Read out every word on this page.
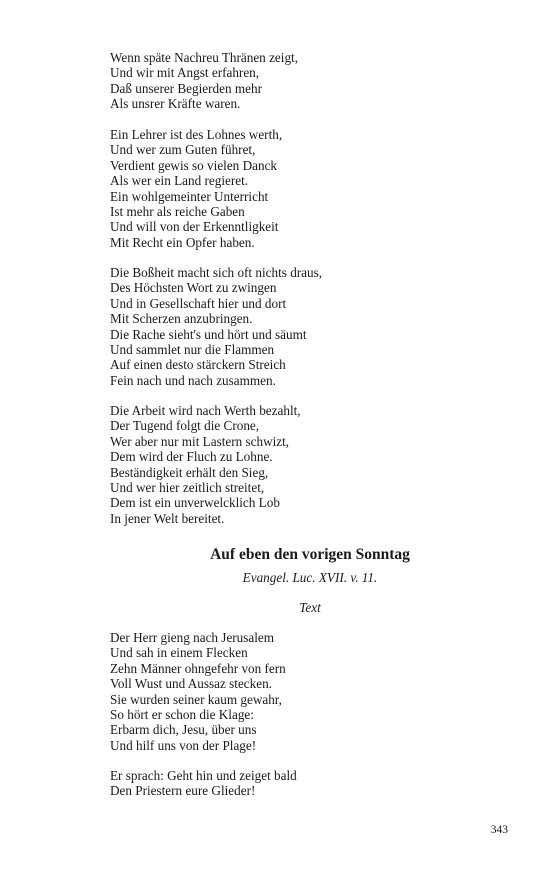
Wenn späte Nachreu Thränen zeigt,
Und wir mit Angst erfahren,
Daß unserer Begierden mehr
Als unsrer Kräfte waren.
Ein Lehrer ist des Lohnes werth,
Und wer zum Guten führet,
Verdient gewis so vielen Danck
Als wer ein Land regieret.
Ein wohlgemeinter Unterricht
Ist mehr als reiche Gaben
Und will von der Erkenntligkeit
Mit Recht ein Opfer haben.
Die Boßheit macht sich oft nichts draus,
Des Höchsten Wort zu zwingen
Und in Gesellschaft hier und dort
Mit Scherzen anzubringen.
Die Rache sieht's und hört und säumt
Und sammlet nur die Flammen
Auf einen desto stärckern Streich
Fein nach und nach zusammen.
Die Arbeit wird nach Werth bezahlt,
Der Tugend folgt die Crone,
Wer aber nur mit Lastern schwizt,
Dem wird der Fluch zu Lohne.
Beständigkeit erhält den Sieg,
Und wer hier zeitlich streitet,
Dem ist ein unverwelcklich Lob
In jener Welt bereitet.
Auf eben den vorigen Sonntag
Evangel. Luc. XVII. v. 11.
Text
Der Herr gieng nach Jerusalem
Und sah in einem Flecken
Zehn Männer ohngefehr von fern
Voll Wust und Aussaz stecken.
Sie wurden seiner kaum gewahr,
So hört er schon die Klage:
Erbarm dich, Jesu, über uns
Und hilf uns von der Plage!
Er sprach: Geht hin und zeiget bald
Den Priestern eure Glieder!
343
